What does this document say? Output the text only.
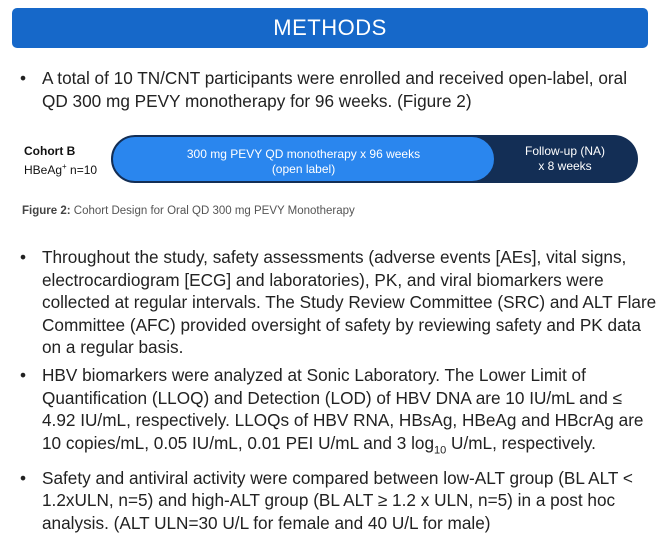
METHODS
• A total of 10 TN/CNT participants were enrolled and received open-label, oral QD 300 mg PEVY monotherapy for 96 weeks. (Figure 2)
Cohort B
HBeAg+ n=10
Follow-up (NA)
x 8 weeks
300 mg PEVY QD monotherapy x 96 weeks
(open label)
Figure 2: Cohort Design for Oral QD 300 mg PEVY Monotherapy
• Throughout the study, safety assessments (adverse events [AEs], vital signs, electrocardiogram [ECG] and laboratories), PK, and viral biomarkers were collected at regular intervals. The Study Review Committee (SRC) and ALT Flare Committee (AFC) provided oversight of safety by reviewing safety and PK data on a regular basis.
• HBV biomarkers were analyzed at Sonic Laboratory. The Lower Limit of Quantification (LLOQ) and Detection (LOD) of HBV DNA are 10 IU/mL and ≤ 4.92 IU/mL, respectively. LLOQs of HBV RNA, HBsAg, HBeAg and HBcrAg are 10 copies/mL, 0.05 IU/mL, 0.01 PEI U/mL and 3 $\log_{10} U/mL$, respectively.
• Safety and antiviral activity were compared between low-ALT group (BL ALT < 1.2xULN, n=5) and high-ALT group (BL ALT ≥ 1.2 x ULN, n=5) in a post hoc analysis. (ALT ULN=30 U/L for female and 40 U/L for male)
